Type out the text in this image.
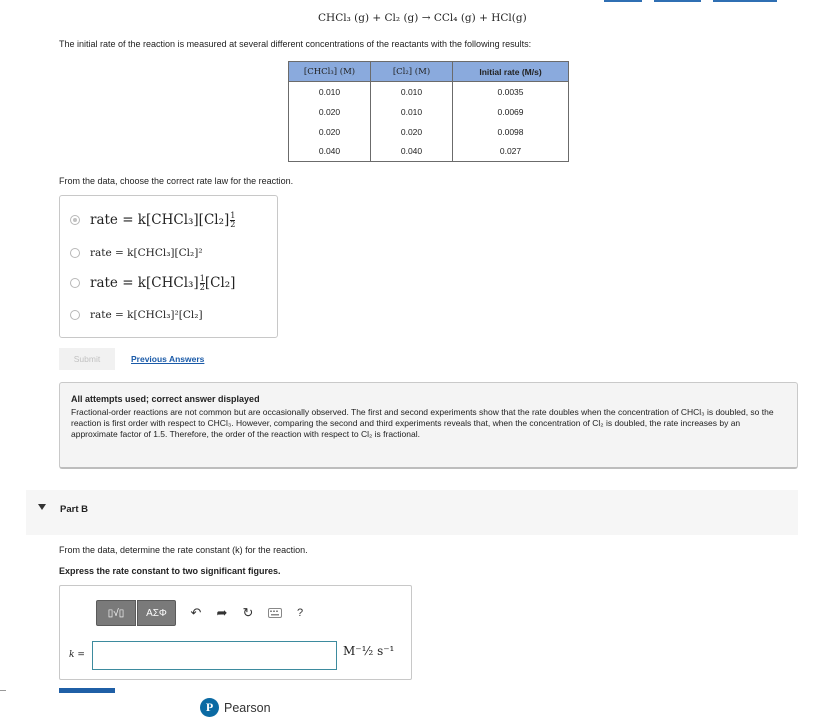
CHCl₃ (g) + Cl₂ (g) → CCl₄ (g) + HCl(g)
The initial rate of the reaction is measured at several different concentrations of the reactants with the following results:
[CHCl₃] (M)	[Cl₂] (M)	Initial rate (M/s)
0.010	0.010	0.0035
0.020	0.010	0.0069
0.020	0.020	0.0098
0.040	0.040	0.027
From the data, choose the correct rate law for the reaction.
rate = k[CHCl₃][Cl₂] $\frac{1}{2}$
rate = k[CHCl₃][Cl₂]²
rate = k[CHCl₃] $\frac{1}{2} [Cl_2]$
rate = k[CHCl₃]²[Cl₂]
Submit	Previous Answers
All attempts used; correct answer displayed
Fractional-order reactions are not common but are occasionally observed. The first and second experiments show that the rate doubles when the concentration of CHCl₃ is doubled, so the reaction is first order with respect to CHCl₃. However, comparing the second and third experiments reveals that, when the concentration of Cl₂ is doubled, the rate increases by an approximate factor of 1.5. Therefore, the order of the reaction with respect to Cl₂ is fractional.
Part B
From the data, determine the rate constant (k) for the reaction.
Express the rate constant to two significant figures.
▯√▯	ΑΣΦ	↶ ➦ ↻	?
k =	M⁻½ s⁻¹
P Pearson
